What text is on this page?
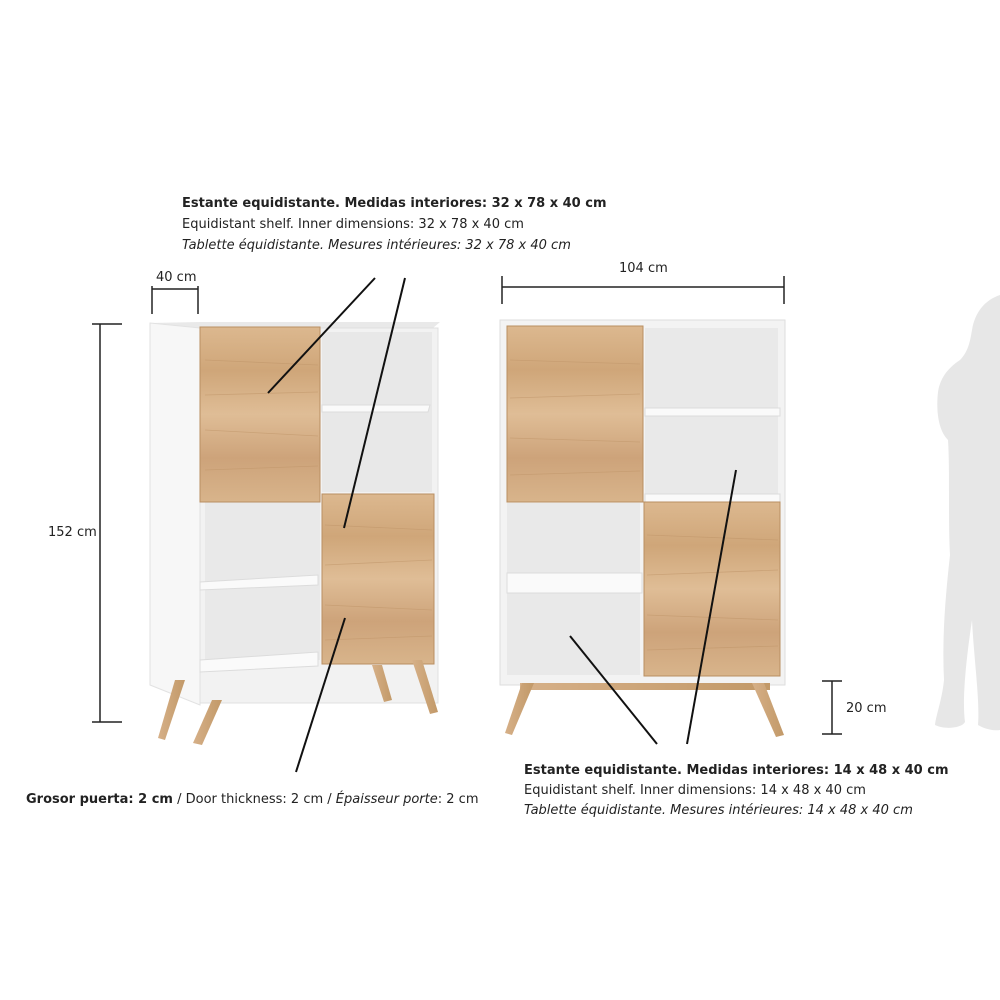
40 cm
104 cm
152 cm
20 cm
Estante equidistante. Medidas interiores: 32 x 78 x 40 cm
Equidistant shelf. Inner dimensions: 32 x 78 x 40 cm
Tablette équidistante. Mesures intérieures: 32 x 78 x 40 cm
Estante equidistante. Medidas interiores: 14 x 48 x 40 cm
Equidistant shelf. Inner dimensions: 14 x 48 x 40 cm
Tablette équidistante. Mesures intérieures: 14 x 48 x 40 cm
Grosor puerta: 2 cm / Door thickness: 2 cm / Épaisseur porte: 2 cm
